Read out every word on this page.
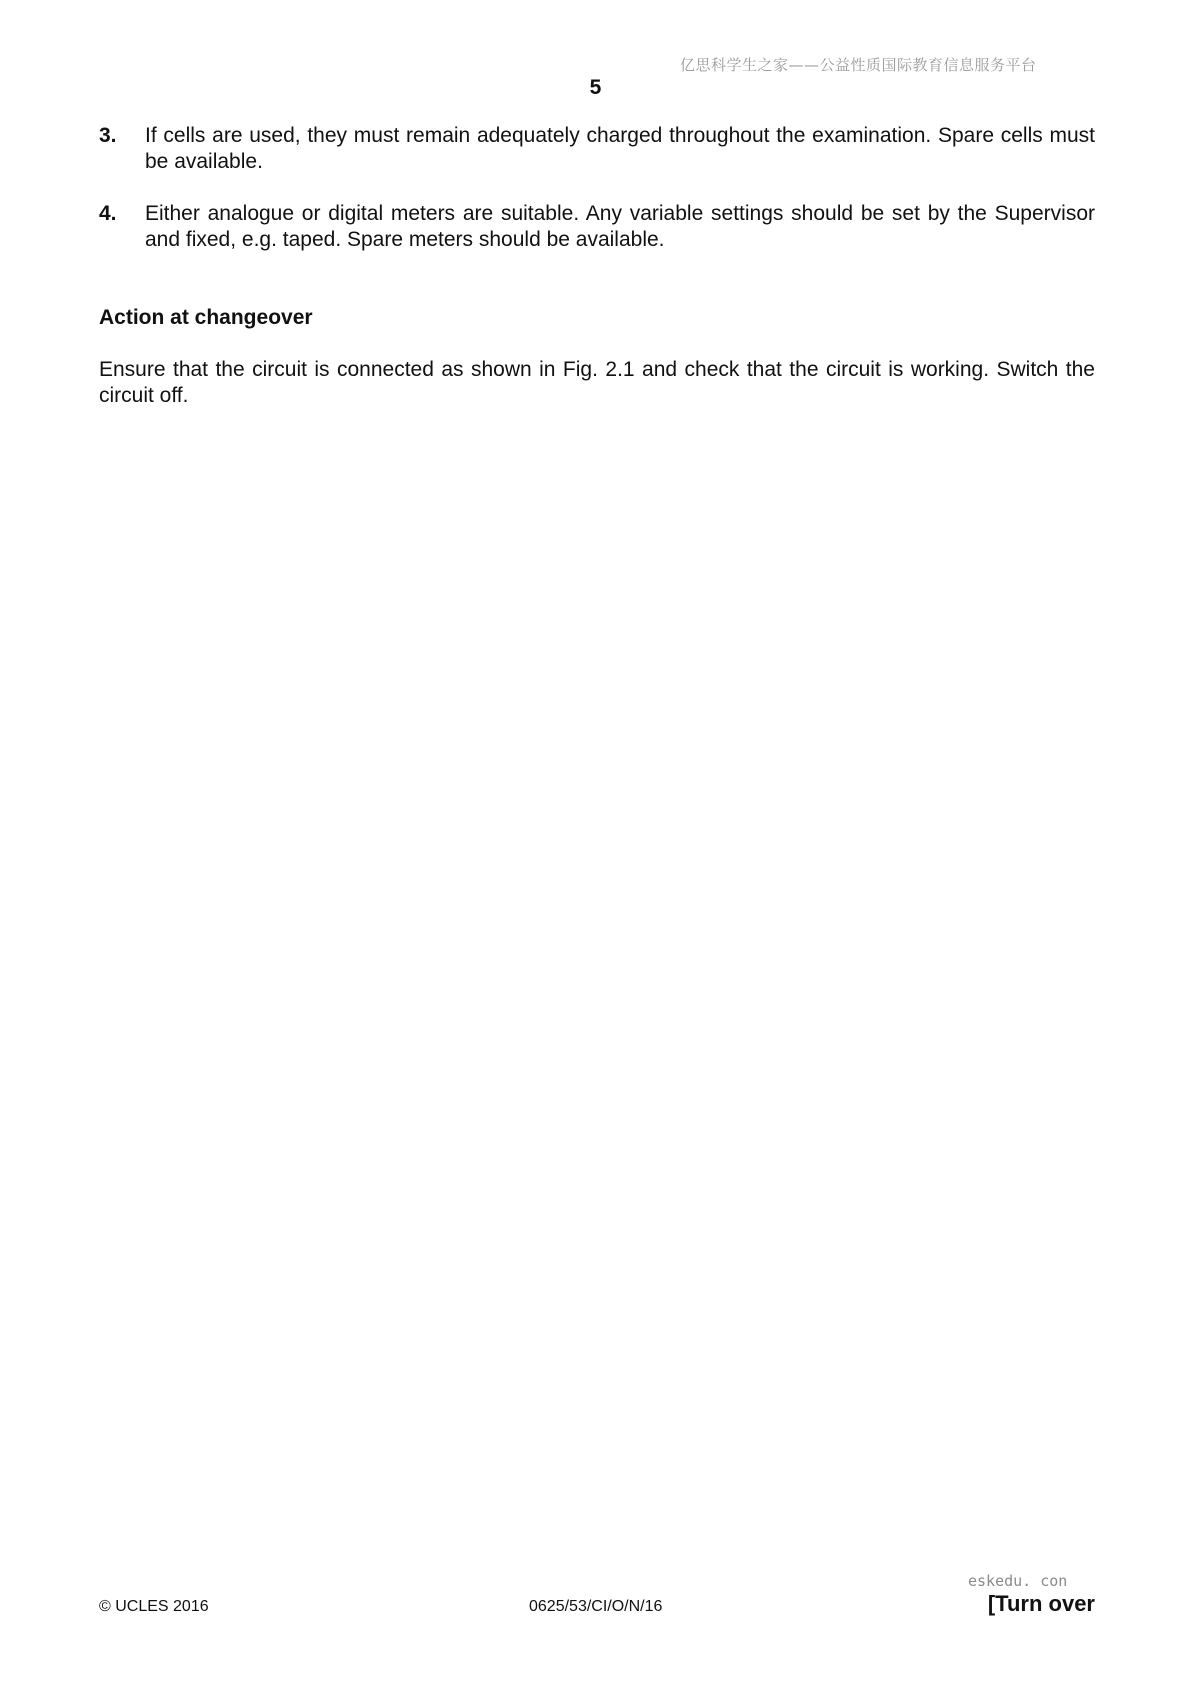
亿思科学生之家——公益性质国际教育信息服务平台
5
3. If cells are used, they must remain adequately charged throughout the examination. Spare cells must be available.
4. Either analogue or digital meters are suitable. Any variable settings should be set by the Supervisor and fixed, e.g. taped. Spare meters should be available.
Action at changeover
Ensure that the circuit is connected as shown in Fig. 2.1 and check that the circuit is working. Switch the circuit off.
eskedu. con
© UCLES 2016	0625/53/CI/O/N/16	[Turn over
